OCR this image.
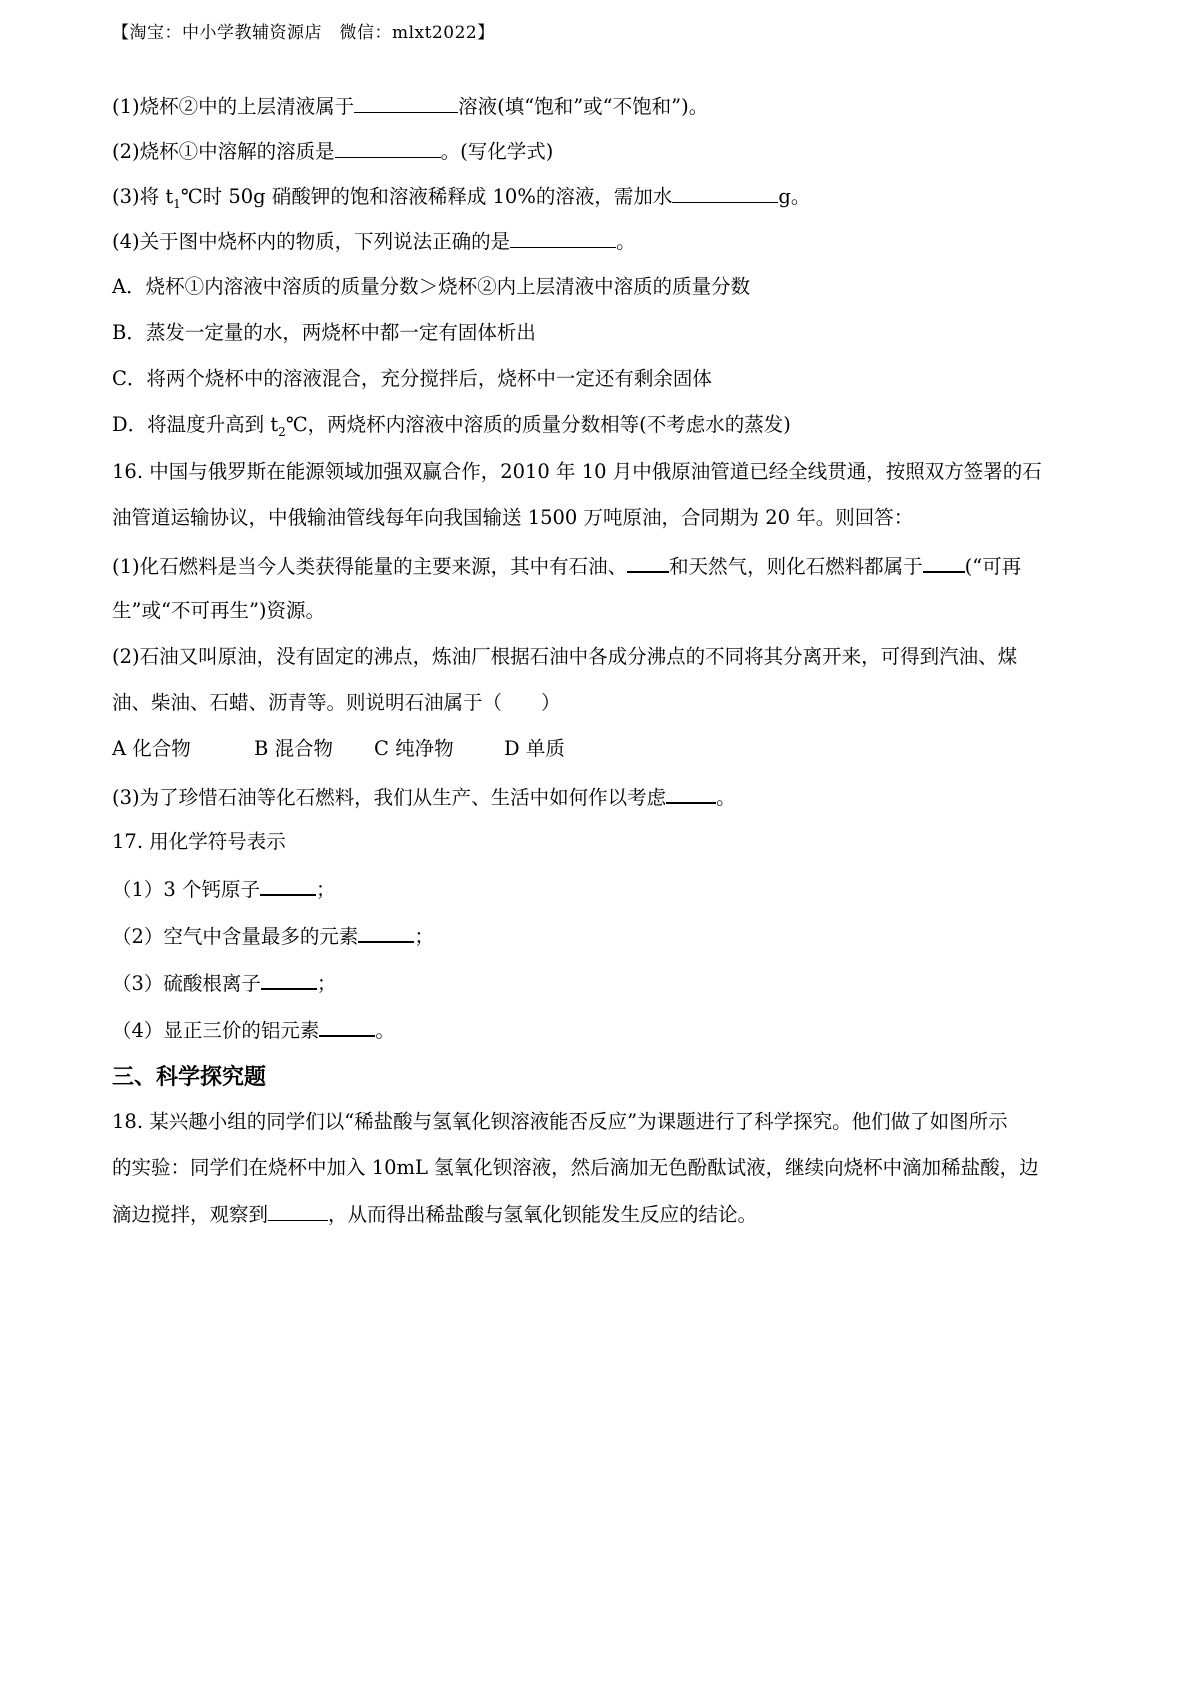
【淘宝：中小学教辅资源店　微信：mlxt2022】
(1)烧杯②中的上层清液属于	溶液(填“饱和”或“不饱和”)。
(2)烧杯①中溶解的溶质是	。(写化学式)
(3)将 $t_1℃$时 50g 硝酸钾的饱和溶液稀释成 10%的溶液，需加水	g。
(4)关于图中烧杯内的物质，下列说法正确的是	。
A．烧杯①内溶液中溶质的质量分数＞烧杯②内上层清液中溶质的质量分数
B．蒸发一定量的水，两烧杯中都一定有固体析出
C．将两个烧杯中的溶液混合，充分搅拌后，烧杯中一定还有剩余固体
D．将温度升高到 $t_2℃$，两烧杯内溶液中溶质的质量分数相等(不考虑水的蒸发)
16. 中国与俄罗斯在能源领域加强双赢合作，2010 年 10 月中俄原油管道已经全线贯通，按照双方签署的石
油管道运输协议，中俄输油管线每年向我国输送 1500 万吨原油，合同期为 20 年。则回答：
(1)化石燃料是当今人类获得能量的主要来源，其中有石油、 和天然气，则化石燃料都属于 (“可再
生”或“不可再生”)资源。
(2)石油又叫原油，没有固定的沸点，炼油厂根据石油中各成分沸点的不同将其分离开来，可得到汽油、煤
油、柴油、石蜡、沥青等。则说明石油属于（　　）
A 化合物	B 混合物 C 纯净物	D 单质
(3)为了珍惜石油等化石燃料，我们从生产、生活中如何作以考虑	。
17. 用化学符号表示
（1）3 个钙原子	；
（2）空气中含量最多的元素	；
（3）硫酸根离子	；
（4）显正三价的铝元素	。
三、科学探究题
18. 某兴趣小组的同学们以“稀盐酸与氢氧化钡溶液能否反应”为课题进行了科学探究。他们做了如图所示
的实验：同学们在烧杯中加入 10mL 氢氧化钡溶液，然后滴加无色酚酞试液，继续向烧杯中滴加稀盐酸，边
滴边搅拌，观察到	，从而得出稀盐酸与氢氧化钡能发生反应的结论。
